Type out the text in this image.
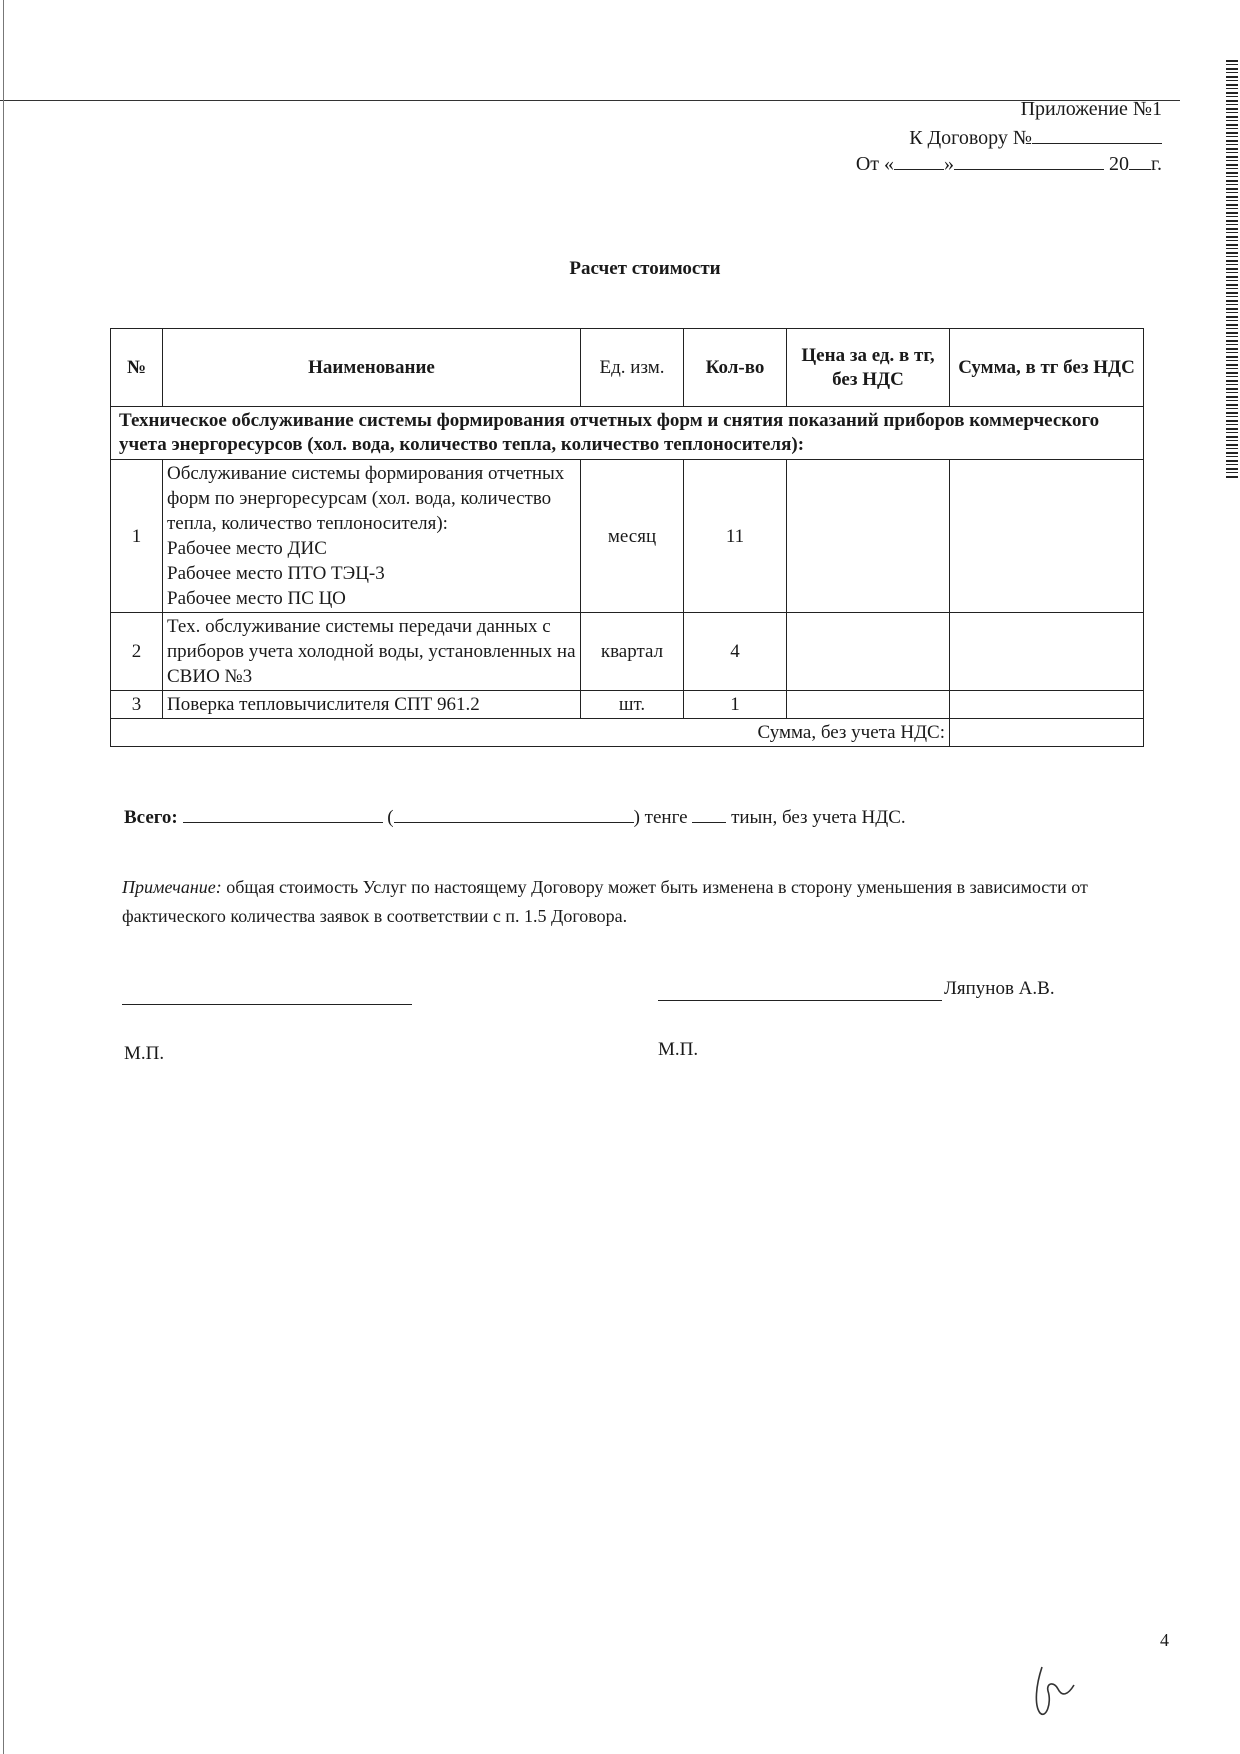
Приложение №1
К Договору №
От «	»	20 г.
Расчет стоимости
№	Наименование	Ед. изм.	Кол-во	Цена за ед. в тг, без НДС	Сумма, в тг без НДС
Техническое обслуживание системы формирования отчетных форм и снятия показаний приборов коммерческого учета энергоресурсов (хол. вода, количество тепла, количество теплоносителя):					
1	Обслуживание системы формирования отчетных форм по энергоресурсам (хол. вода, количество тепла, количество теплоносителя):
Рабочее место ДИС
Рабочее место ПТО ТЭЦ-3
Рабочее место ПС ЦО	месяц	11		
2	Тех. обслуживание системы передачи данных с приборов учета холодной воды, установленных на СВИО №3	квартал	4		
3	Поверка тепловычислителя СПТ 961.2	шт.	1		
Сумма, без учета НДС:					
Всего:	(	) тенге тиын, без учета НДС.
Примечание: общая стоимость Услуг по настоящему Договору может быть изменена в сторону уменьшения в зависимости от фактического количества заявок в соответствии с п. 1.5 Договора.
Ляпунов А.В.
М.П.	М.П.
4
